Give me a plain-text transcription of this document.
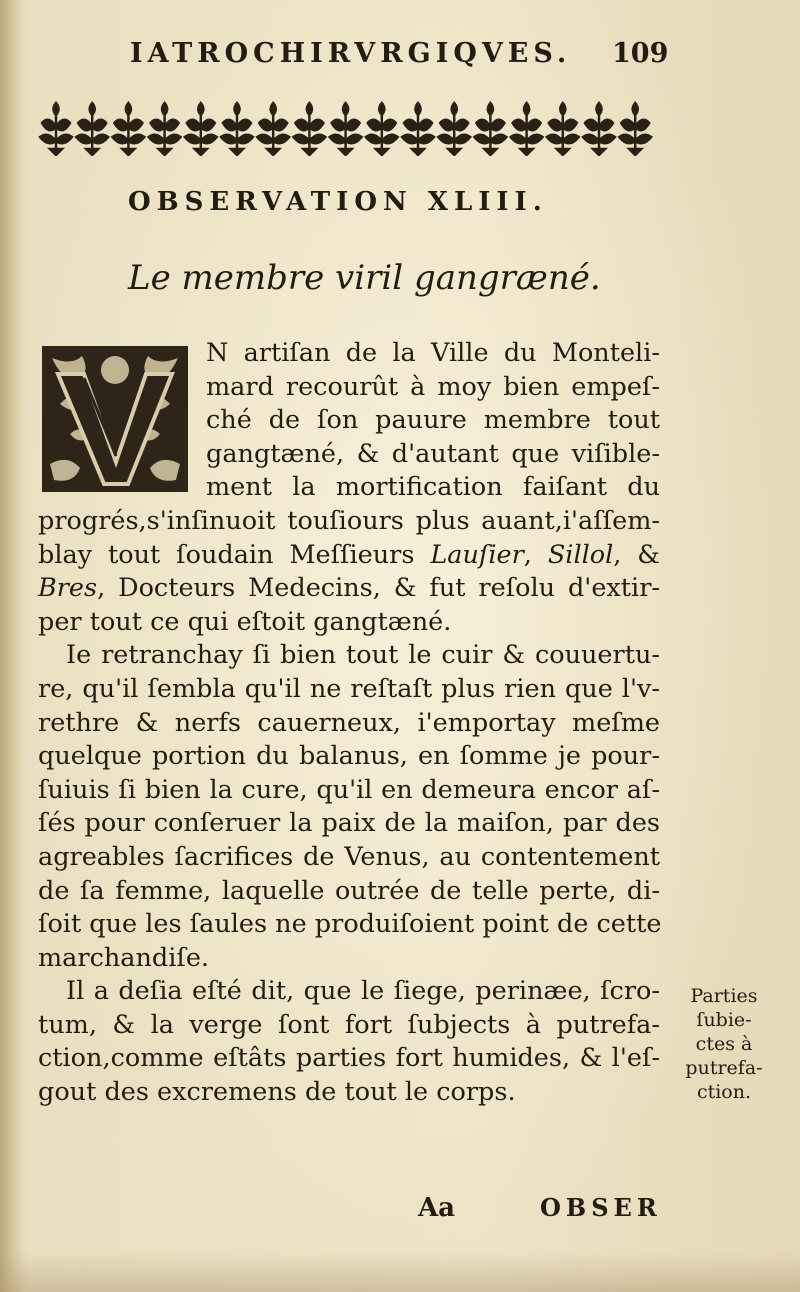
IATROCHIRVRGIQVES. 109
OBSERVATION XLIII.
Le membre viril gangræné.
N artiſan de la Ville du Monteli-
mard recourût à moy bien empeſ-
ché de ſon pauure membre tout
gangtæné, & d'autant que viſible-
ment la mortification faiſant du
progrés,s'inſinuoit touſiours plus auant,i'aſſem-
blay tout ſoudain Meſſieurs Lauſier, Sillol, &
Bres, Docteurs Medecins, & fut reſolu d'extir-
per tout ce qui eſtoit gangtæné.
Ie retranchay ſi bien tout le cuir & couuertu-
re, qu'il ſembla qu'il ne reſtaſt plus rien que l'v-
rethre & nerfs cauerneux, i'emportay meſme
quelque portion du balanus, en ſomme je pour-
ſuiuis ſi bien la cure, qu'il en demeura encor aſ-
ſés pour conſeruer la paix de la maiſon, par des
agreables ſacrifices de Venus, au contentement
de ſa femme, laquelle outrée de telle perte, di-
ſoit que les ſaules ne produiſoient point de cette
marchandiſe.
Il a deſia eſté dit, que le ſiege, perinæe, ſcro-
tum, & la verge ſont fort ſubjects à putrefa-
ction,comme eſtâts parties fort humides, & l'eſ-
gout des excremens de tout le corps.
Parties
ſubie-
ctes à
putrefa-
ction.
Aa	OBSER
